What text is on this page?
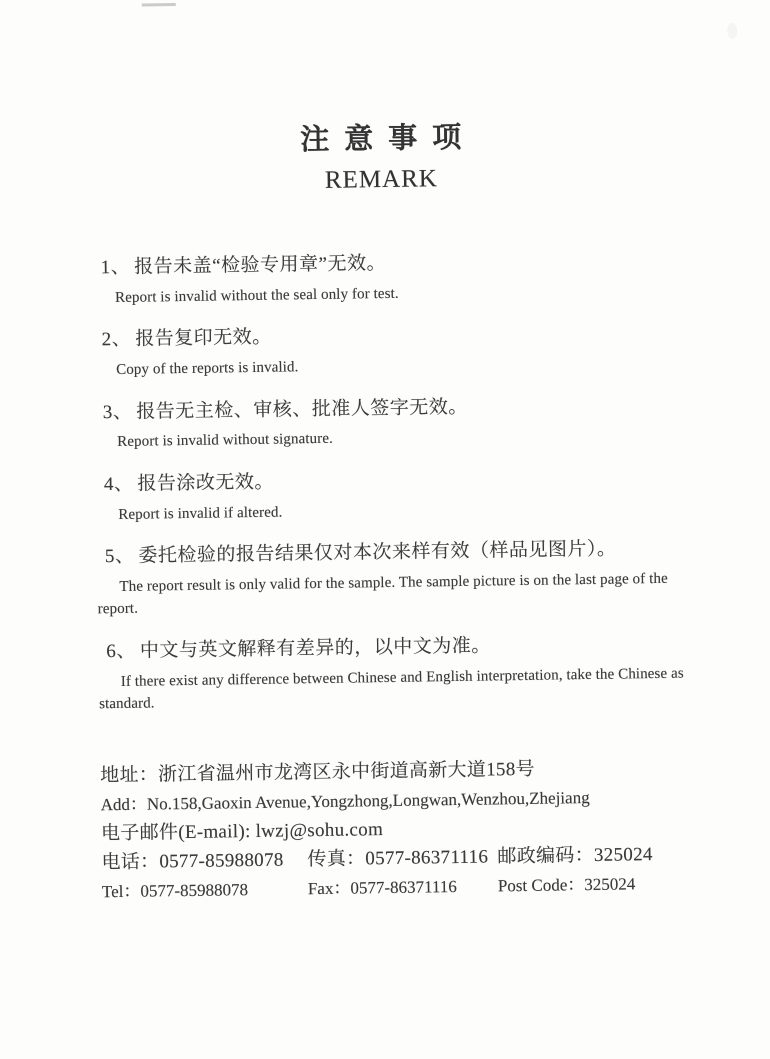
注意事项
REMARK

1、 报告未盖“检验专用章”无效。

Report is invalid without the seal only for test.

2、 报告复印无效。

Copy of the reports is invalid.

3、 报告无主检、审核、批准人签字无效。

Report is invalid without signature.

4、 报告涂改无效。

Report is invalid if altered.

5、 委托检验的报告结果仅对本次来样有效（样品见图片）。

The report result is only valid for the sample. The sample picture is on the last page of the report.

6、 中文与英文解释有差异的，以中文为准。

If there exist any difference between Chinese and English interpretation, take the Chinese as standard.

地址：浙江省温州市龙湾区永中街道高新大道158号

Add：No.158,Gaoxin Avenue,Yongzhong,Longwan,Wenzhou,Zhejiang

电子邮件(E-mail): lwzj@sohu.com

电话：0577-85988078	传真：0577-86371116 邮政编码：325024
Tel：0577-85988078	Fax：0577-86371116	Post Code：325024
